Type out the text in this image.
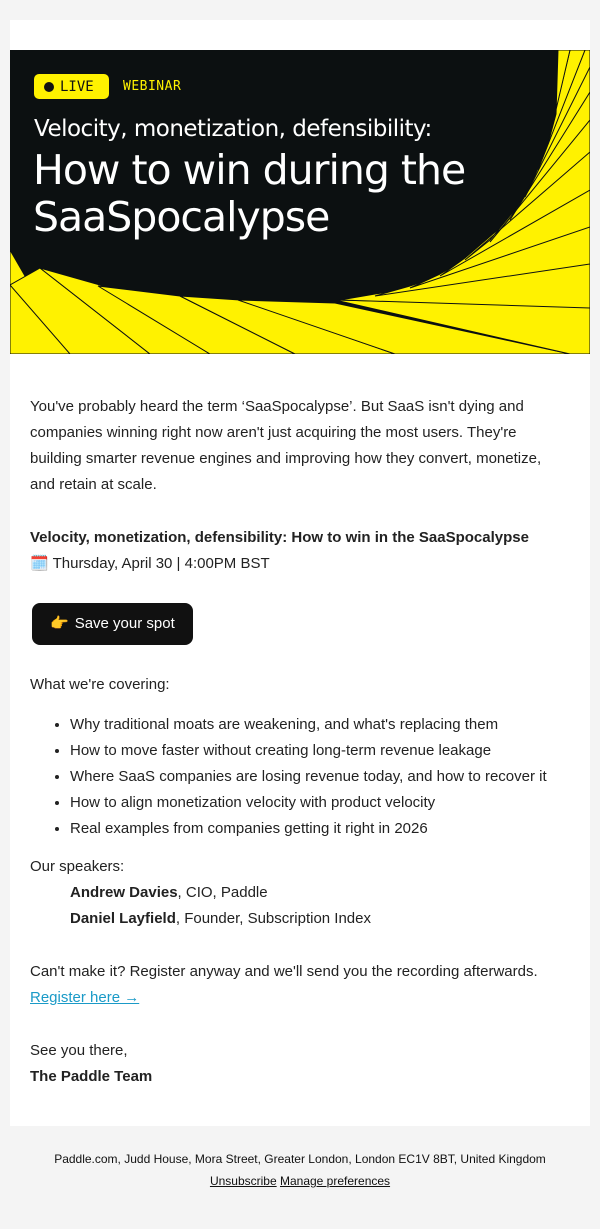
LIVE WEBINAR
Velocity, monetization, defensibility:
How to win during the SaaSpocalypse

You've probably heard the term ‘SaaSpocalypse’. But SaaS isn't dying and companies winning right now aren't just acquiring the most users. They're building smarter revenue engines and improving how they convert, monetize, and retain at scale.

Velocity, monetization, defensibility: How to win in the SaaSpocalypse

🗓️ Thursday, April 30 | 4:00PM BST

👉 Save your spot

What we're covering:

• Why traditional moats are weakening, and what's replacing them
• How to move faster without creating long-term revenue leakage
• Where SaaS companies are losing revenue today, and how to recover it
• How to align monetization velocity with product velocity
• Real examples from companies getting it right in 2026

Our speakers:

Andrew Davies, CIO, Paddle

Daniel Layfield, Founder, Subscription Index

Can't make it? Register anyway and we'll send you the recording afterwards.

Register here →

See you there,

The Paddle Team

Paddle.com, Judd House, Mora Street, Greater London, London EC1V 8BT, United Kingdom
Unsubscribe Manage preferences
